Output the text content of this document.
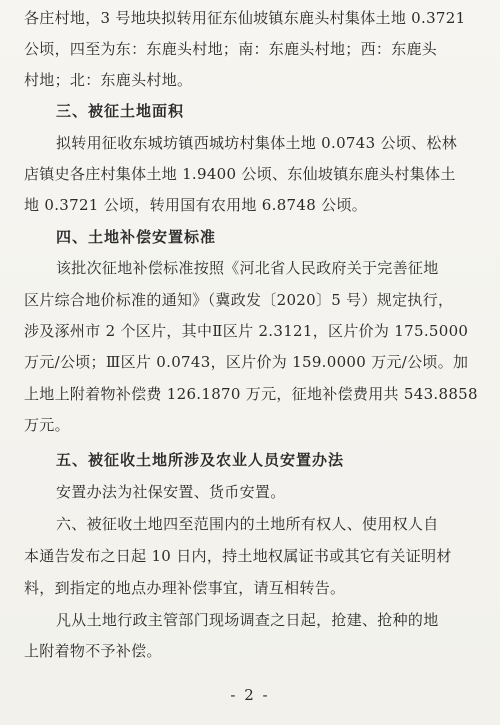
各庄村地，3 号地块拟转用征东仙坡镇东鹿头村集体土地 0.3721
公顷，四至为东：东鹿头村地；南：东鹿头村地；西：东鹿头
村地；北：东鹿头村地。
三、被征土地面积
拟转用征收东城坊镇西城坊村集体土地 0.0743 公顷、松林
店镇史各庄村集体土地 1.9400 公顷、东仙坡镇东鹿头村集体土
地 0.3721 公顷，转用国有农用地 6.8748 公顷。
四、土地补偿安置标准
该批次征地补偿标准按照《河北省人民政府关于完善征地
区片综合地价标准的通知》（冀政发〔2020〕5 号）规定执行，
涉及涿州市 2 个区片，其中Ⅱ区片 2.3121，区片价为 175.5000
万元/公顷；Ⅲ区片 0.0743，区片价为 159.0000 万元/公顷。加
上地上附着物补偿费 126.1870 万元，征地补偿费用共 543.8858
万元。
五、被征收土地所涉及农业人员安置办法
安置办法为社保安置、货币安置。
六、被征收土地四至范围内的土地所有权人、使用权人自
本通告发布之日起 10 日内，持土地权属证书或其它有关证明材
料，到指定的地点办理补偿事宜，请互相转告。
凡从土地行政主管部门现场调查之日起，抢建、抢种的地
上附着物不予补偿。
- 2 -
